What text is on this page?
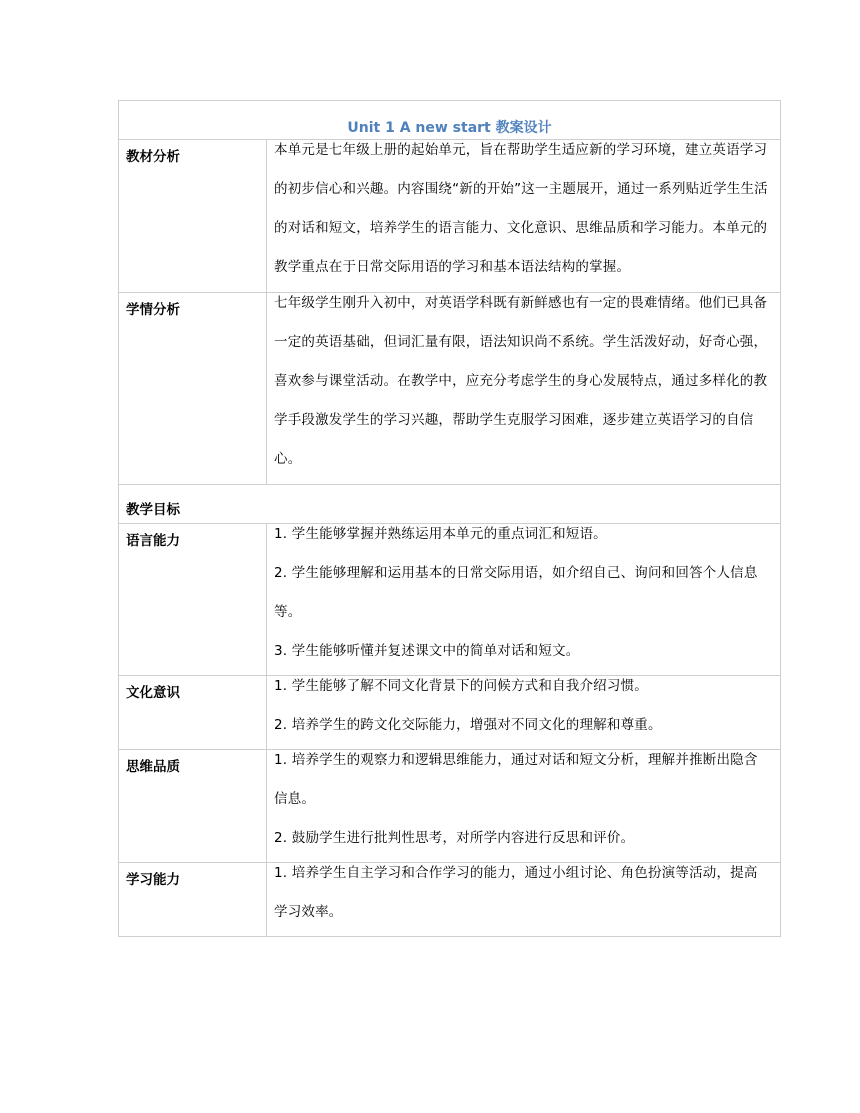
Unit 1 A new start 教案设计	

教材分析	本单元是七年级上册的起始单元，旨在帮助学生适应新的学习环境，建立英语学习的初步信心和兴趣。内容围绕“新的开始”这一主题展开，通过一系列贴近学生生活的对话和短文，培养学生的语言能力、文化意识、思维品质和学习能力。本单元的教学重点在于日常交际用语的学习和基本语法结构的掌握。

学情分析	七年级学生刚升入初中，对英语学科既有新鲜感也有一定的畏难情绪。他们已具备一定的英语基础，但词汇量有限，语法知识尚不系统。学生活泼好动，好奇心强，喜欢参与课堂活动。在教学中，应充分考虑学生的身心发展特点，通过多样化的教学手段激发学生的学习兴趣，帮助学生克服学习困难，逐步建立英语学习的自信心。

教学目标	

语言能力	1. 学生能够掌握并熟练运用本单元的重点词汇和短语。
2. 学生能够理解和运用基本的日常交际用语，如介绍自己、询问和回答个人信息等。
3. 学生能够听懂并复述课文中的简单对话和短文。

文化意识	1. 学生能够了解不同文化背景下的问候方式和自我介绍习惯。
2. 培养学生的跨文化交际能力，增强对不同文化的理解和尊重。

思维品质	1. 培养学生的观察力和逻辑思维能力，通过对话和短文分析，理解并推断出隐含信息。
2. 鼓励学生进行批判性思考，对所学内容进行反思和评价。

学习能力	1. 培养学生自主学习和合作学习的能力，通过小组讨论、角色扮演等活动，提高学习效率。
